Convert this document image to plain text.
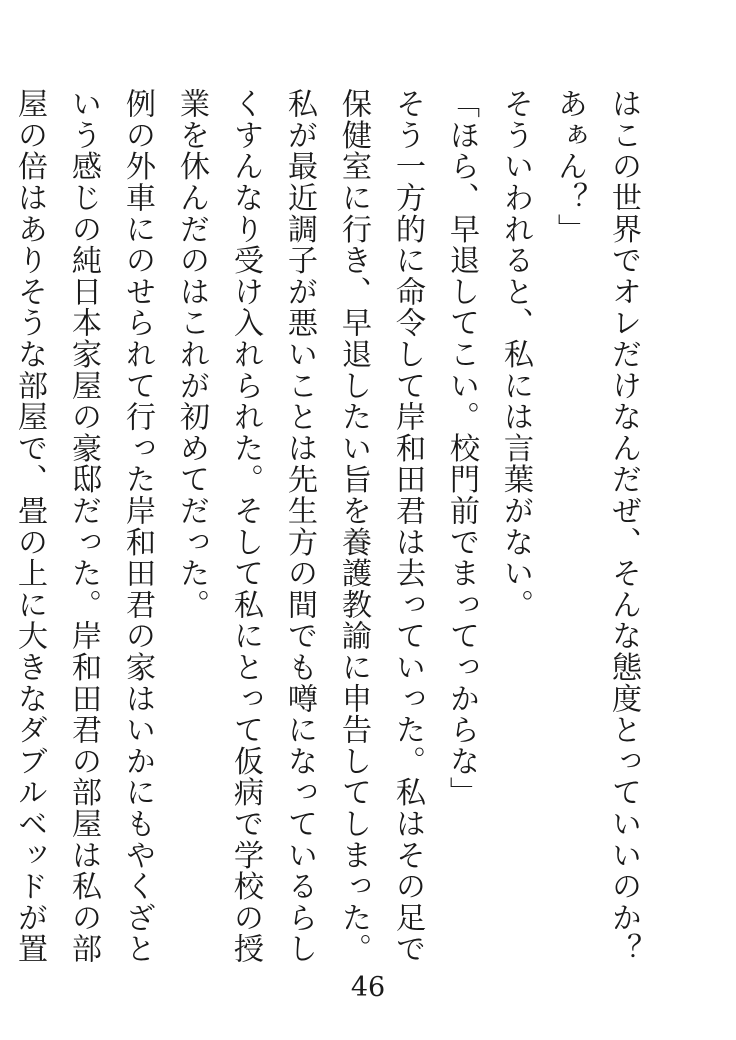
はこの世界でオレだけなんだぜ、そんな態度とっていいのか？あぁん？」

そういわれると、私には言葉がない。

「ほら、早退してこい。校門前でまってっからな」

そう一方的に命令して岸和田君は去っていった。私はその足で保健室に行き、早退したい旨を養護教諭に申告してしまった。私が最近調子が悪いことは先生方の間でも噂になっているらしくすんなり受け入れられた。そして私にとって仮病で学校の授業を休んだのはこれが初めてだった。

例の外車にのせられて行った岸和田君の家はいかにもやくざという感じの純日本家屋の豪邸だった。岸和田君の部屋は私の部屋の倍はありそうな部屋で、畳の上に大きなダブルベッドが置

46
